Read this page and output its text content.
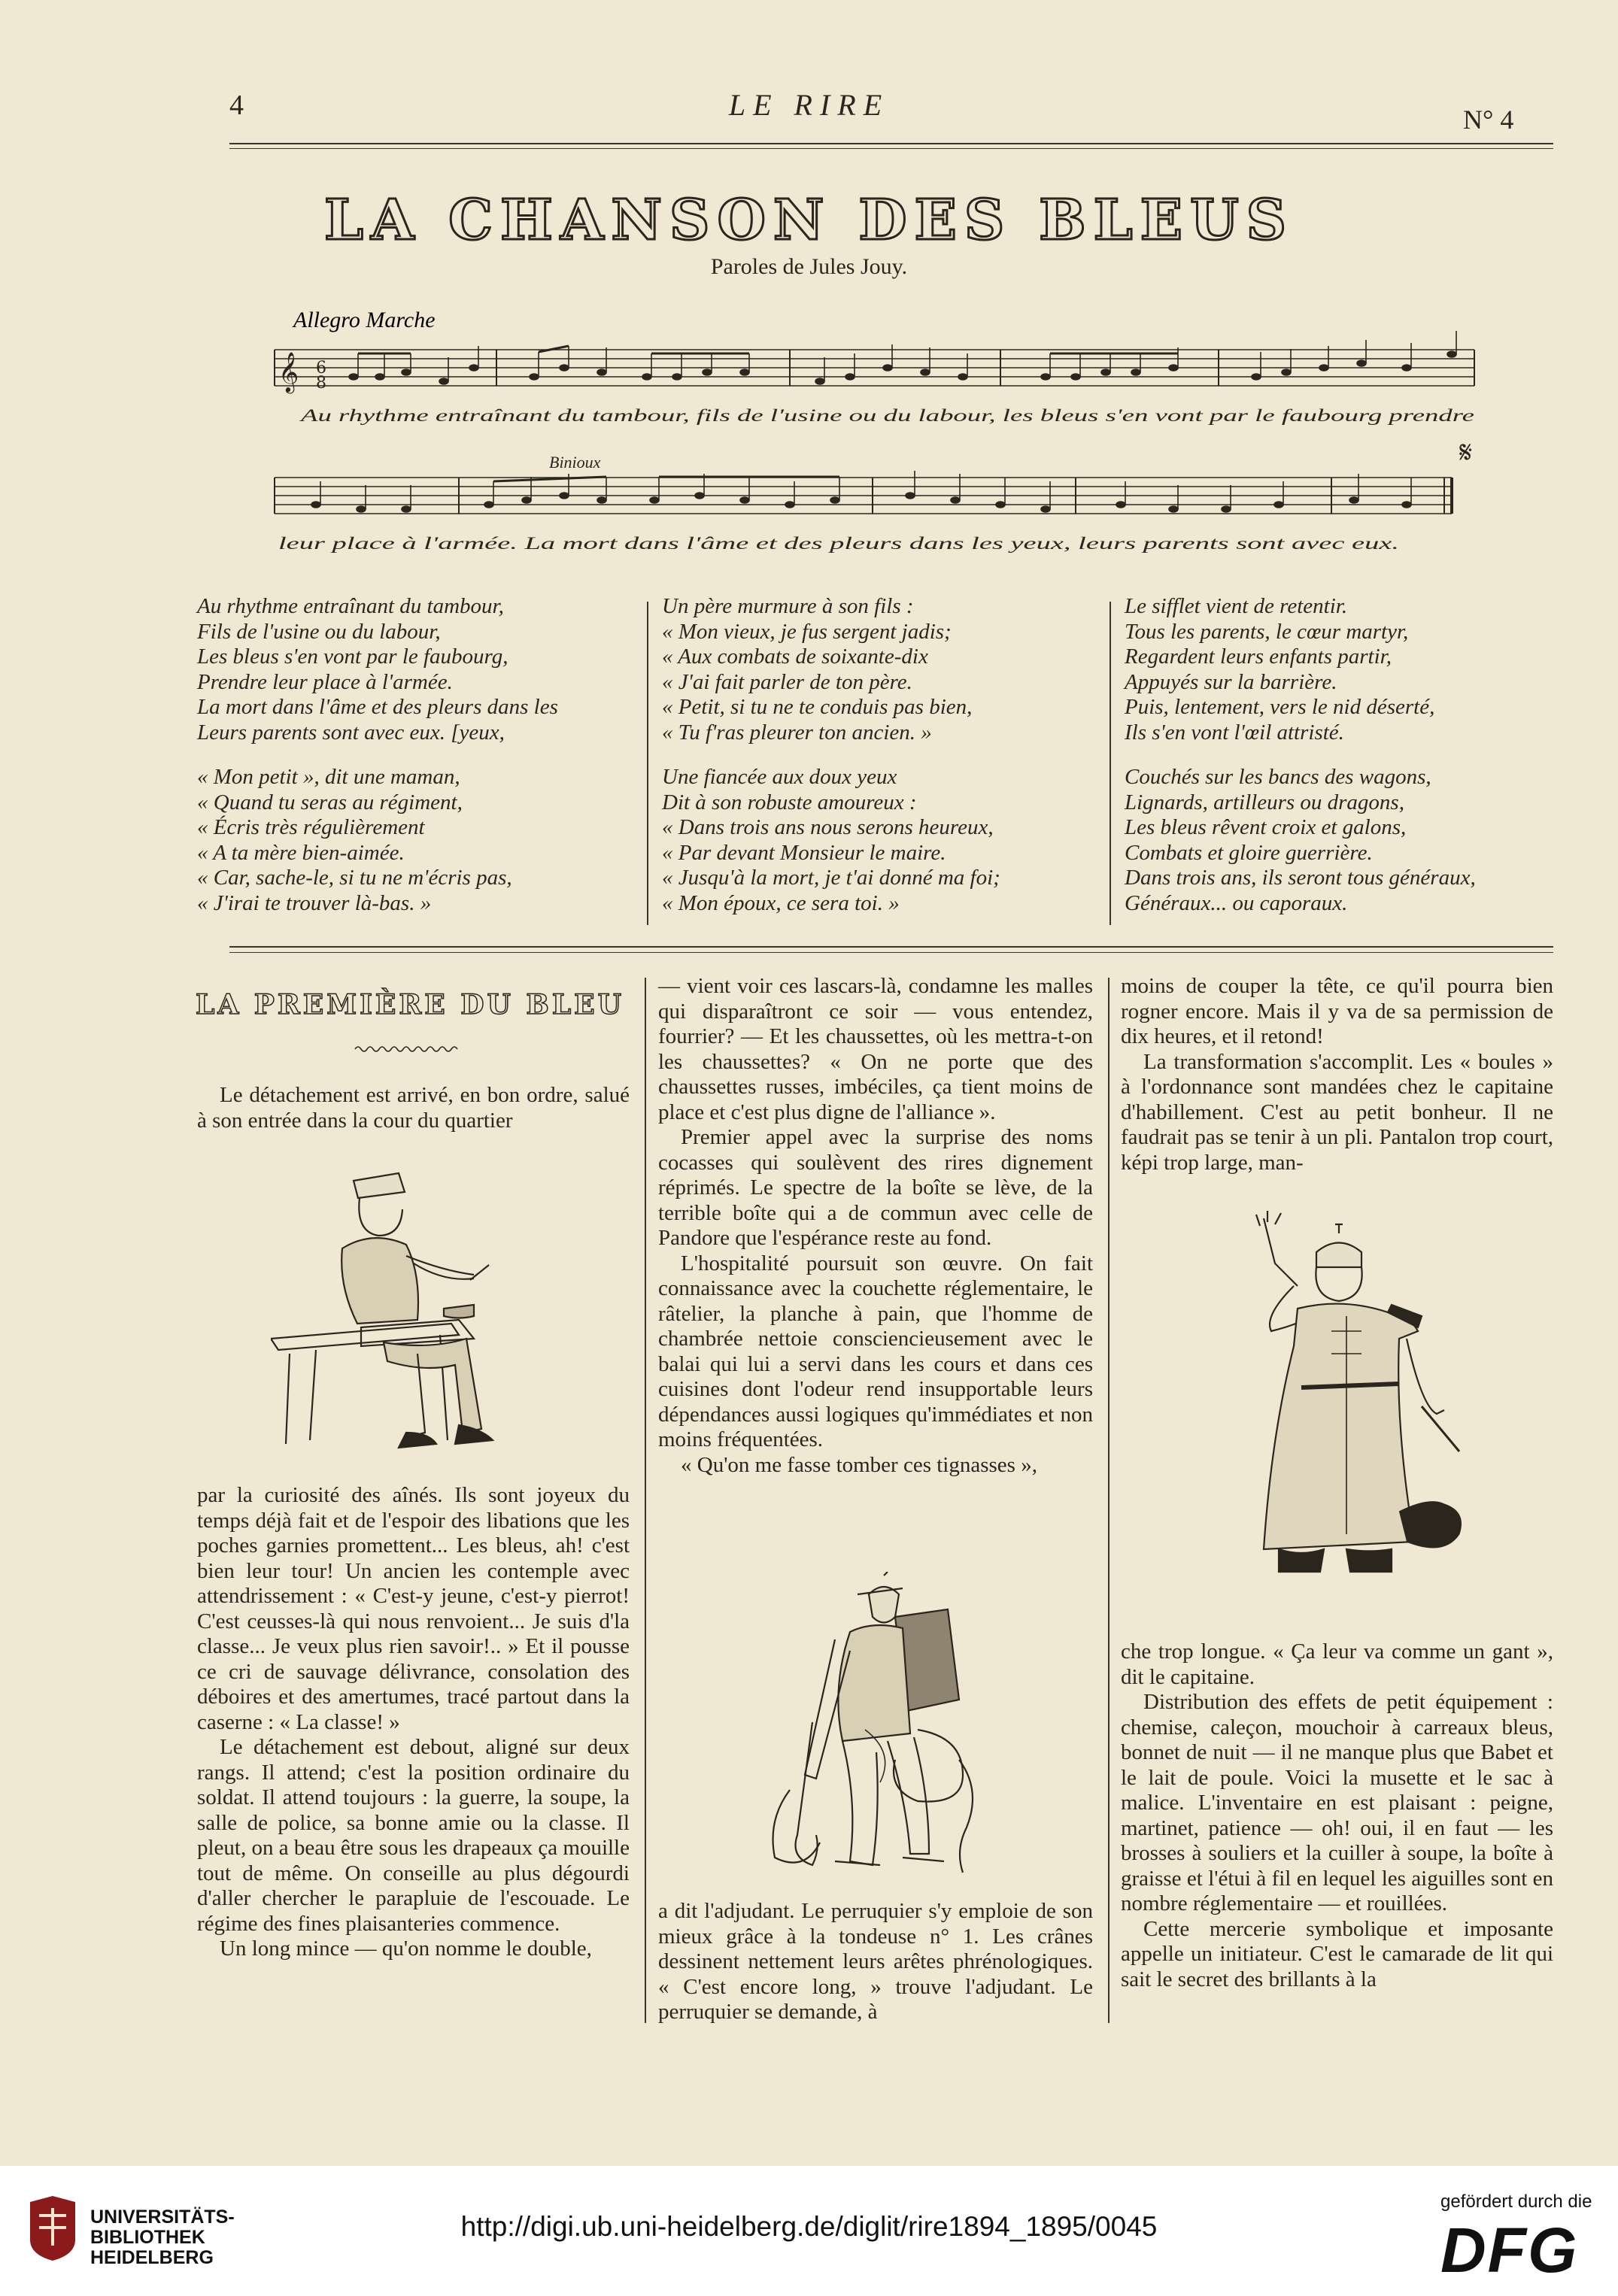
4	LE RIRE	N° 4
LA CHANSON DES BLEUS
Paroles de Jules Jouy.
Allegro Marche
𝄞 6
8
𝄋
Binioux
Au rhythme entraînant du tambour, fils de l'usine ou du labour, les bleus s'en vont par le faubourg prendre
leur place à l'armée. La mort dans l'âme et des pleurs dans les yeux, leurs parents sont avec eux.
Au rhythme entraînant du tambour,
Fils de l'usine ou du labour,
Les bleus s'en vont par le faubourg,
Prendre leur place à l'armée.
La mort dans l'âme et des pleurs dans les
Leurs parents sont avec eux. [yeux,
« Mon petit », dit une maman,
« Quand tu seras au régiment,
« Écris très régulièrement
« A ta mère bien-aimée.
« Car, sache-le, si tu ne m'écris pas,
« J'irai te trouver là-bas. »
Un père murmure à son fils :
« Mon vieux, je fus sergent jadis;
« Aux combats de soixante-dix
« J'ai fait parler de ton père.
« Petit, si tu ne te conduis pas bien,
« Tu f'ras pleurer ton ancien. »
Une fiancée aux doux yeux
Dit à son robuste amoureux :
« Dans trois ans nous serons heureux,
« Par devant Monsieur le maire.
« Jusqu'à la mort, je t'ai donné ma foi;
« Mon époux, ce sera toi. »
Le sifflet vient de retentir.
Tous les parents, le cœur martyr,
Regardent leurs enfants partir,
Appuyés sur la barrière.
Puis, lentement, vers le nid déserté,
Ils s'en vont l'œil attristé.
Couchés sur les bancs des wagons,
Lignards, artilleurs ou dragons,
Les bleus rêvent croix et galons,
Combats et gloire guerrière.
Dans trois ans, ils seront tous généraux,
Généraux... ou caporaux.
LA PREMIÈRE DU BLEU

Le détachement est arrivé, en bon ordre, salué à son entrée dans la cour du quartier

par la curiosité des aînés. Ils sont joyeux du temps déjà fait et de l'espoir des libations que les poches garnies promettent... Les bleus, ah! c'est bien leur tour! Un ancien les contemple avec attendrissement : « C'est-y jeune, c'est-y pierrot! C'est ceusses-là qui nous renvoient... Je suis d'la classe... Je veux plus rien savoir!.. » Et il pousse ce cri de sauvage délivrance, consolation des déboires et des amertumes, tracé partout dans la caserne : « La classe! »

Le détachement est debout, aligné sur deux rangs. Il attend; c'est la position ordinaire du soldat. Il attend toujours : la guerre, la soupe, la salle de police, sa bonne amie ou la classe. Il pleut, on a beau être sous les drapeaux ça mouille tout de même. On conseille au plus dégourdi d'aller chercher le parapluie de l'escouade. Le régime des fines plaisanteries commence.

Un long mince — qu'on nomme le double,

— vient voir ces lascars-là, condamne les malles qui disparaîtront ce soir — vous entendez, fourrier? — Et les chaussettes, où les mettra-t-on les chaussettes? « On ne porte que des chaussettes russes, imbéciles, ça tient moins de place et c'est plus digne de l'alliance ».

Premier appel avec la surprise des noms cocasses qui soulèvent des rires dignement réprimés. Le spectre de la boîte se lève, de la terrible boîte qui a de commun avec celle de Pandore que l'espérance reste au fond.

L'hospitalité poursuit son œuvre. On fait connaissance avec la couchette réglementaire, le râtelier, la planche à pain, que l'homme de chambrée nettoie consciencieusement avec le balai qui lui a servi dans les cours et dans ces cuisines dont l'odeur rend insupportable leurs dépendances aussi logiques qu'immédiates et non moins fréquentées.

« Qu'on me fasse tomber ces tignasses »,

a dit l'adjudant. Le perruquier s'y emploie de son mieux grâce à la tondeuse n° 1. Les crânes dessinent nettement leurs arêtes phrénologiques. « C'est encore long, » trouve l'adjudant. Le perruquier se demande, à

moins de couper la tête, ce qu'il pourra bien rogner encore. Mais il y va de sa permission de dix heures, et il retond!

La transformation s'accomplit. Les « boules » à l'ordonnance sont mandées chez le capitaine d'habillement. C'est au petit bonheur. Il ne faudrait pas se tenir à un pli. Pantalon trop court, képi trop large, man-

che trop longue. « Ça leur va comme un gant », dit le capitaine.

Distribution des effets de petit équipement : chemise, caleçon, mouchoir à carreaux bleus, bonnet de nuit — il ne manque plus que Babet et le lait de poule. Voici la musette et le sac à malice. L'inventaire en est plaisant : peigne, martinet, patience — oh! oui, il en faut — les brosses à souliers et la cuiller à soupe, la boîte à graisse et l'étui à fil en lequel les aiguilles sont en nombre réglementaire — et rouillées.

Cette mercerie symbolique et imposante appelle un initiateur. C'est le camarade de lit qui sait le secret des brillants à la

UNIVERSITÄTS-
BIBLIOTHEK
HEIDELBERG
http://digi.ub.uni-heidelberg.de/diglit/rire1894_1895/0045
gefördert durch die
DFG
